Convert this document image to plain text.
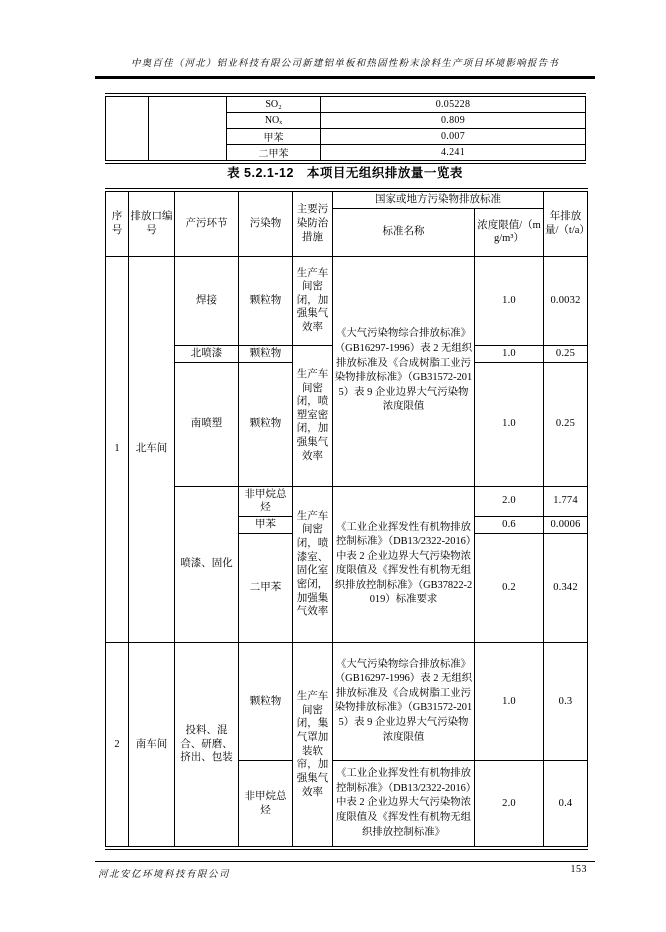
中奥百佳（河北）铝业科技有限公司新建铝单板和热固性粉末涂料生产项目环境影响报告书
		SO₂	0.05228
		NOₓ	0.809
		甲苯	0.007
		二甲苯	4.241
表 5.2.1-12　本项目无组织排放量一览表
序号	排放口编号	产污环节	污染物	主要污染防治措施	国家或地方污染物排放标准		年排放量/（t/a）
					标准名称	浓度限值/（mg/m³）	
1	北车间	焊接	颗粒物	生产车间密闭，加强集气效率	《大气污染物综合排放标准》（GB16297-1996）表 2 无组织排放标准及《合成树脂工业污染物排放标准》（GB31572-2015）表 9 企业边界大气污染物浓度限值	1.0	0.0032
		北喷漆	颗粒物	生产车间密闭，喷塑室密闭，加强集气效率		1.0	0.25
		南喷塑	颗粒物			1.0	0.25
		喷漆、固化	非甲烷总烃	生产车间密闭，喷漆室、固化室密闭，加强集气效率	《工业企业挥发性有机物排放控制标准》（DB13/2322-2016）中表 2 企业边界大气污染物浓度限值及《挥发性有机物无组织排放控制标准》（GB37822-2019）标准要求	2.0	1.774
			甲苯			0.6	0.0006
			二甲苯			0.2	0.342
2	南车间	投料、混合、研磨、挤出、包装	颗粒物	生产车间密闭，集气罩加装软帘，加强集气效率	《大气污染物综合排放标准》（GB16297-1996）表 2 无组织排放标准及《合成树脂工业污染物排放标准》（GB31572-2015）表 9 企业边界大气污染物浓度限值	1.0	0.3
			非甲烷总烃		《工业企业挥发性有机物排放控制标准》（DB13/2322-2016）中表 2 企业边界大气污染物浓度限值及《挥发性有机物无组织排放控制标准》	2.0	0.4
河北安亿环境科技有限公司	153
